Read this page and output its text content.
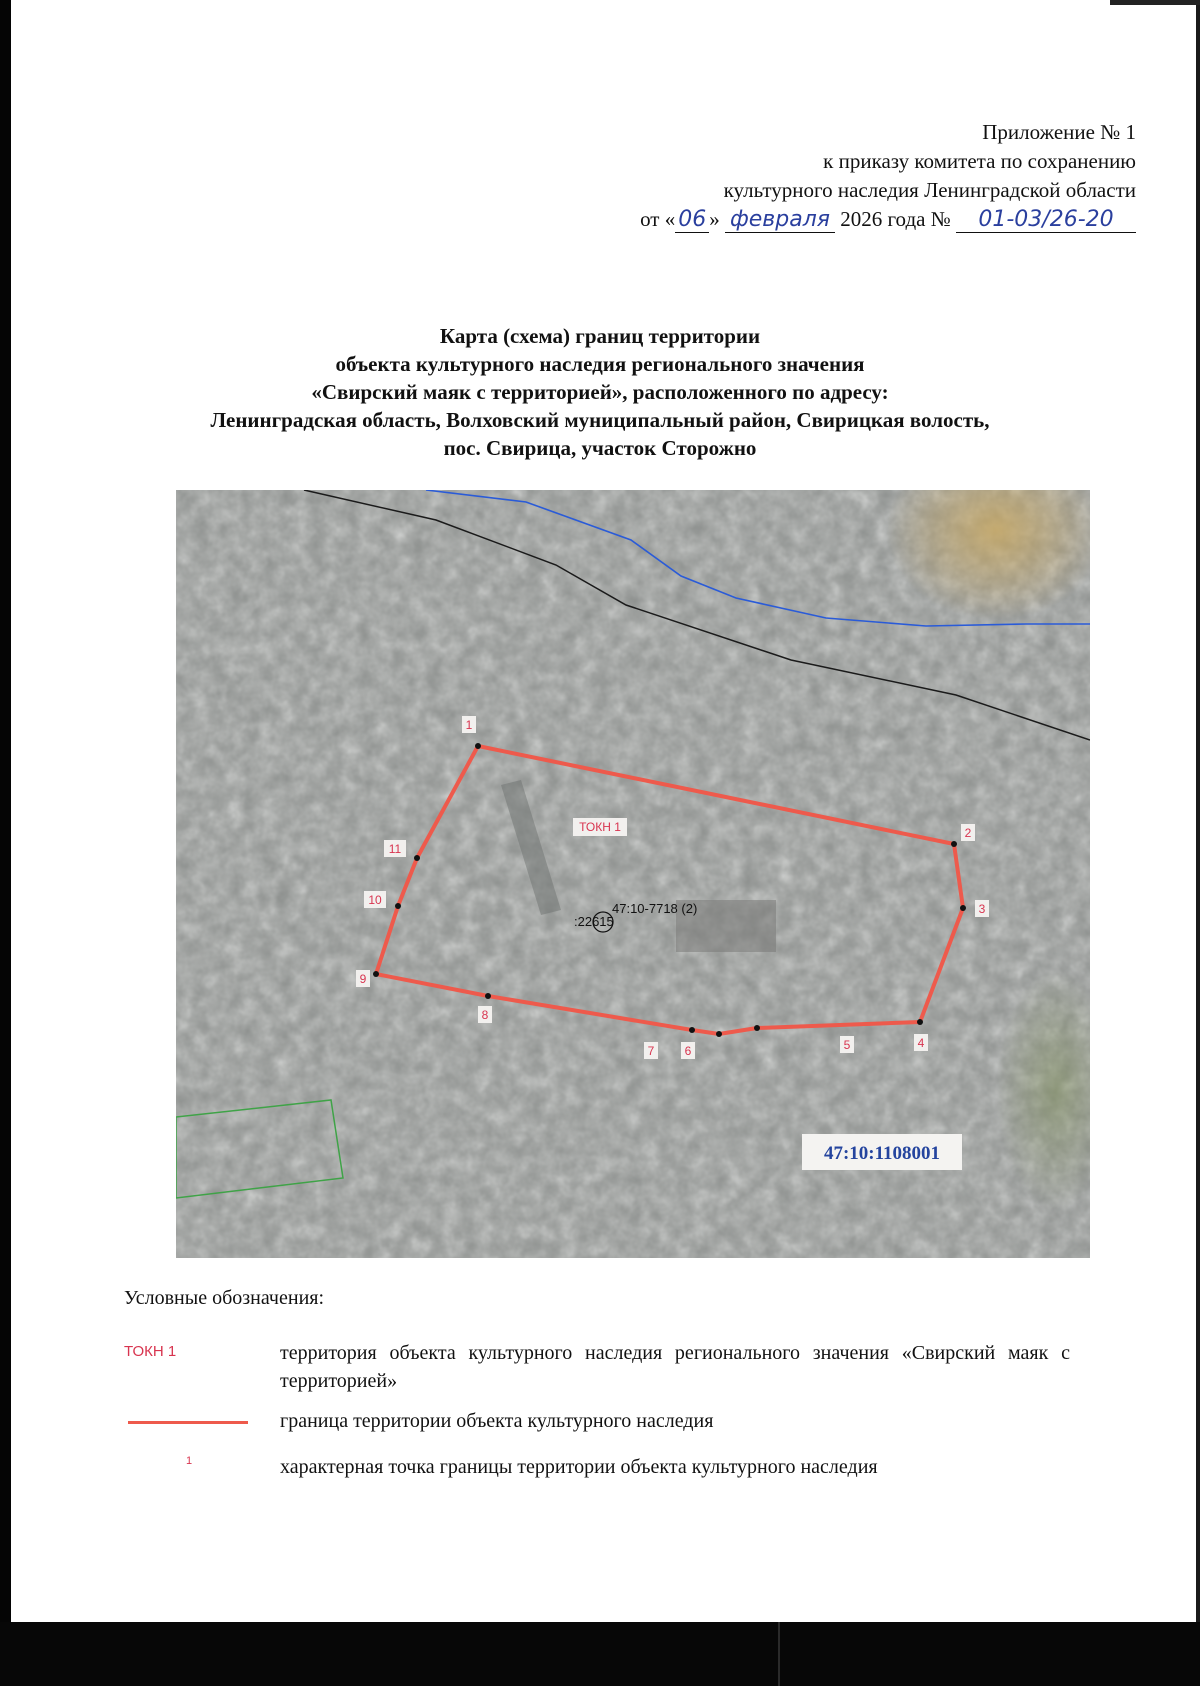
Приложение № 1
к приказу комитета по сохранению
культурного наследия Ленинградской области
от « 06 » февраля 2026 года № 01-03/26-20
Карта (схема) границ территории
объекта культурного наследия регионального значения
«Свирский маяк с территорией», расположенного по адресу:
Ленинградская область, Волховский муниципальный район, Свирицкая волость,
пос. Свирица, участок Сторожно
1
2
3
4
5
6
7
8
9
10
11
ТОКН 1
:22615
47:10-7718 (2)
47:10:1108001
Условные обозначения:
ТОКН 1	территория объекта культурного наследия регионального значения «Свирский маяк с территорией»
граница территории объекта культурного наследия
1	характерная точка границы территории объекта культурного наследия
